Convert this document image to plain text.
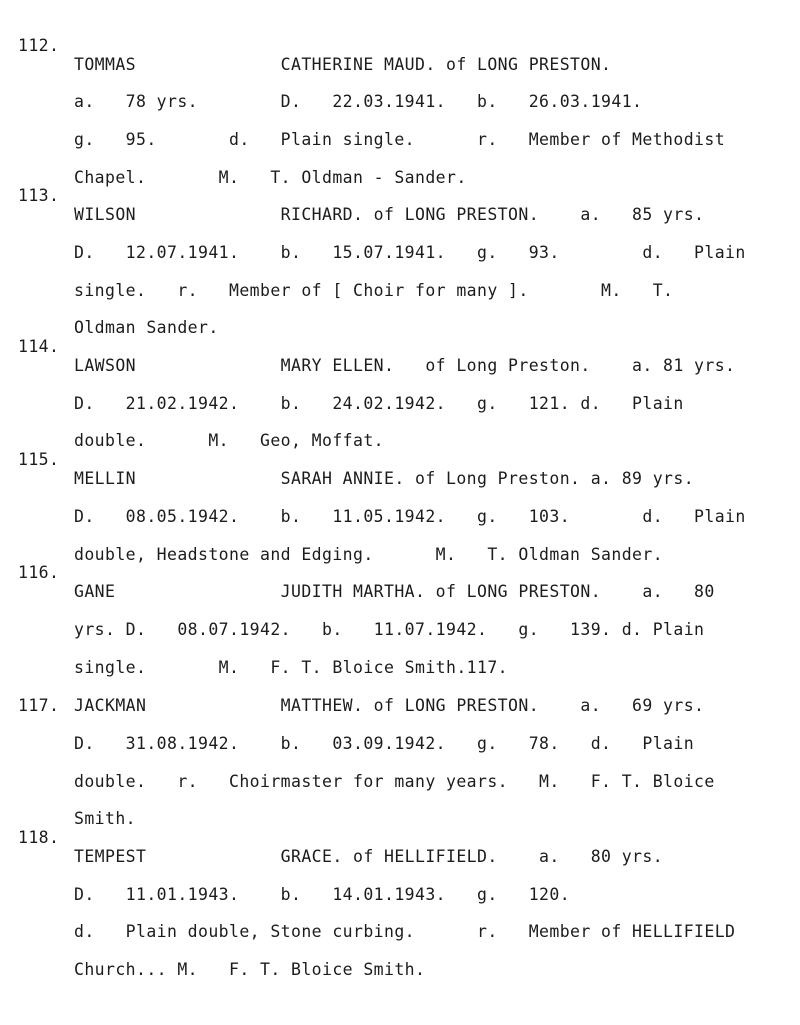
112.
TOMMAS              CATHERINE MAUD. of LONG PRESTON.
a.   78 yrs.        D.   22.03.1941.   b.   26.03.1941.
g.   95.       d.   Plain single.      r.   Member of Methodist
Chapel.       M.   T. Oldman - Sander.
113.
WILSON              RICHARD. of LONG PRESTON.    a.   85 yrs.
D.   12.07.1941.    b.   15.07.1941.   g.   93.        d.   Plain
single.   r.   Member of [ Choir for many ].       M.   T.
Oldman Sander.
114.
LAWSON              MARY ELLEN.   of Long Preston.    a. 81 yrs.
D.   21.02.1942.    b.   24.02.1942.   g.   121. d.   Plain
double.      M.   Geo, Moffat.
115.
MELLIN              SARAH ANNIE. of Long Preston. a. 89 yrs.
D.   08.05.1942.    b.   11.05.1942.   g.   103.       d.   Plain
double, Headstone and Edging.      M.   T. Oldman Sander.
116.
GANE                JUDITH MARTHA. of LONG PRESTON.    a.   80
yrs. D.   08.07.1942.   b.   11.07.1942.   g.   139. d. Plain
single.       M.   F. T. Bloice Smith.117.
117. JACKMAN             MATTHEW. of LONG PRESTON.    a.   69 yrs.
D.   31.08.1942.    b.   03.09.1942.   g.   78.   d.   Plain
double.   r.   Choirmaster for many years.   M.   F. T. Bloice
Smith.
118.
TEMPEST             GRACE. of HELLIFIELD.    a.   80 yrs.
D.   11.01.1943.    b.   14.01.1943.   g.   120.
d.   Plain double, Stone curbing.      r.   Member of HELLIFIELD
Church... M.   F. T. Bloice Smith.
